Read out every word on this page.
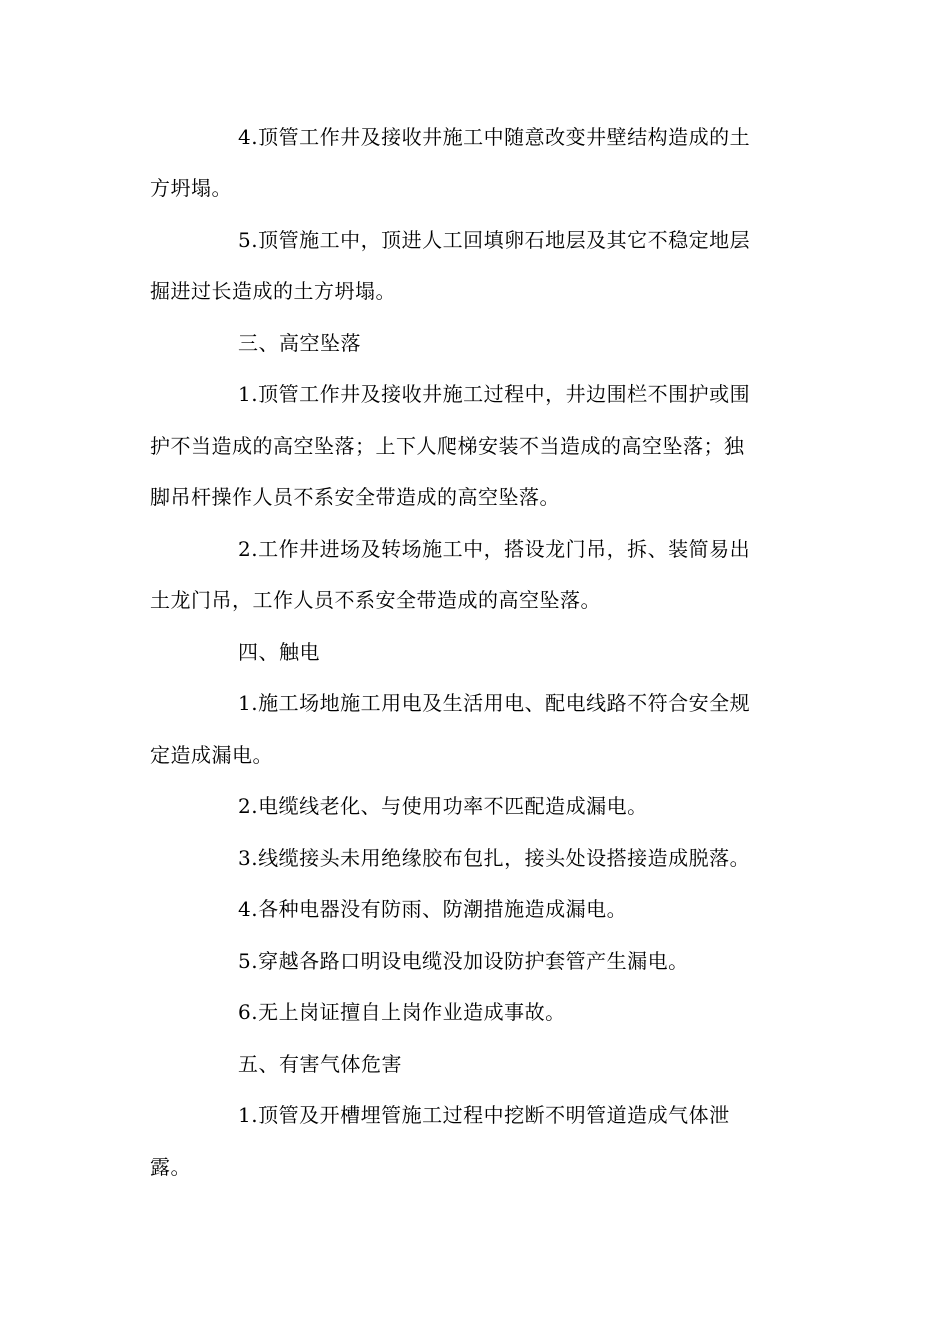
4.顶管工作井及接收井施工中随意改变井壁结构造成的土
方坍塌。
5.顶管施工中，顶进人工回填卵石地层及其它不稳定地层
掘进过长造成的土方坍塌。
三、高空坠落
1.顶管工作井及接收井施工过程中，井边围栏不围护或围
护不当造成的高空坠落；上下人爬梯安装不当造成的高空坠落；独
脚吊杆操作人员不系安全带造成的高空坠落。
2.工作井进场及转场施工中，搭设龙门吊，拆、装简易出
土龙门吊，工作人员不系安全带造成的高空坠落。
四、触电
1.施工场地施工用电及生活用电、配电线路不符合安全规
定造成漏电。
2.电缆线老化、与使用功率不匹配造成漏电。
3.线缆接头未用绝缘胶布包扎，接头处设搭接造成脱落。
4.各种电器没有防雨、防潮措施造成漏电。
5.穿越各路口明设电缆没加设防护套管产生漏电。
6.无上岗证擅自上岗作业造成事故。
五、有害气体危害
1.顶管及开槽埋管施工过程中挖断不明管道造成气体泄
露。
